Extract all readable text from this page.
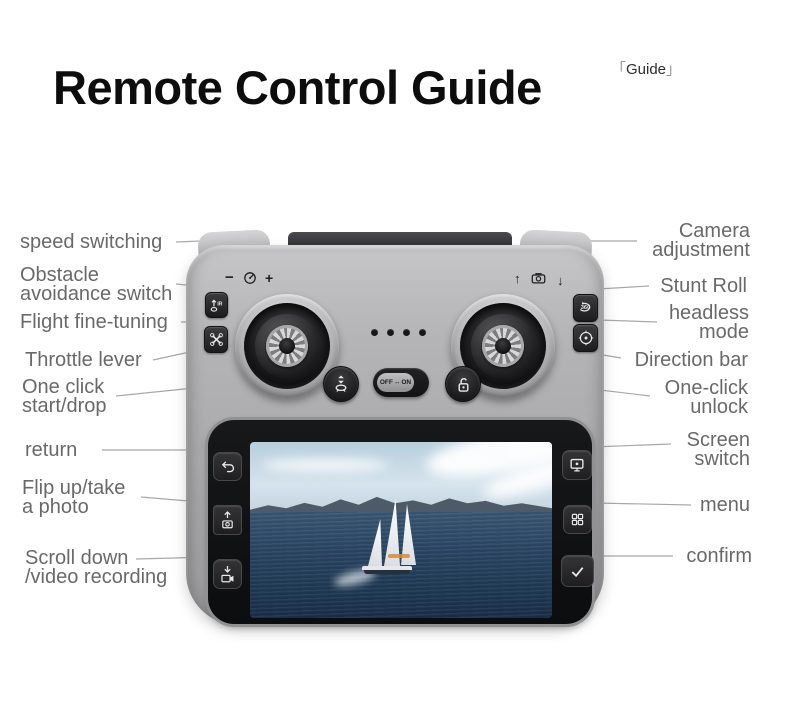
Remote Control Guide	「Guide」
speed switching
Obstacle
avoidance switch
Flight fine-tuning
Throttle lever
One click
start/drop
return
Flip up/take
a photo
Scroll down
/video recording
Camera
adjustment
Stunt Roll
headless
mode
Direction bar
One-click
unlock
Screen
switch
menu
confirm
− +	↑	↓
IR
360
OFF ↔ ON
